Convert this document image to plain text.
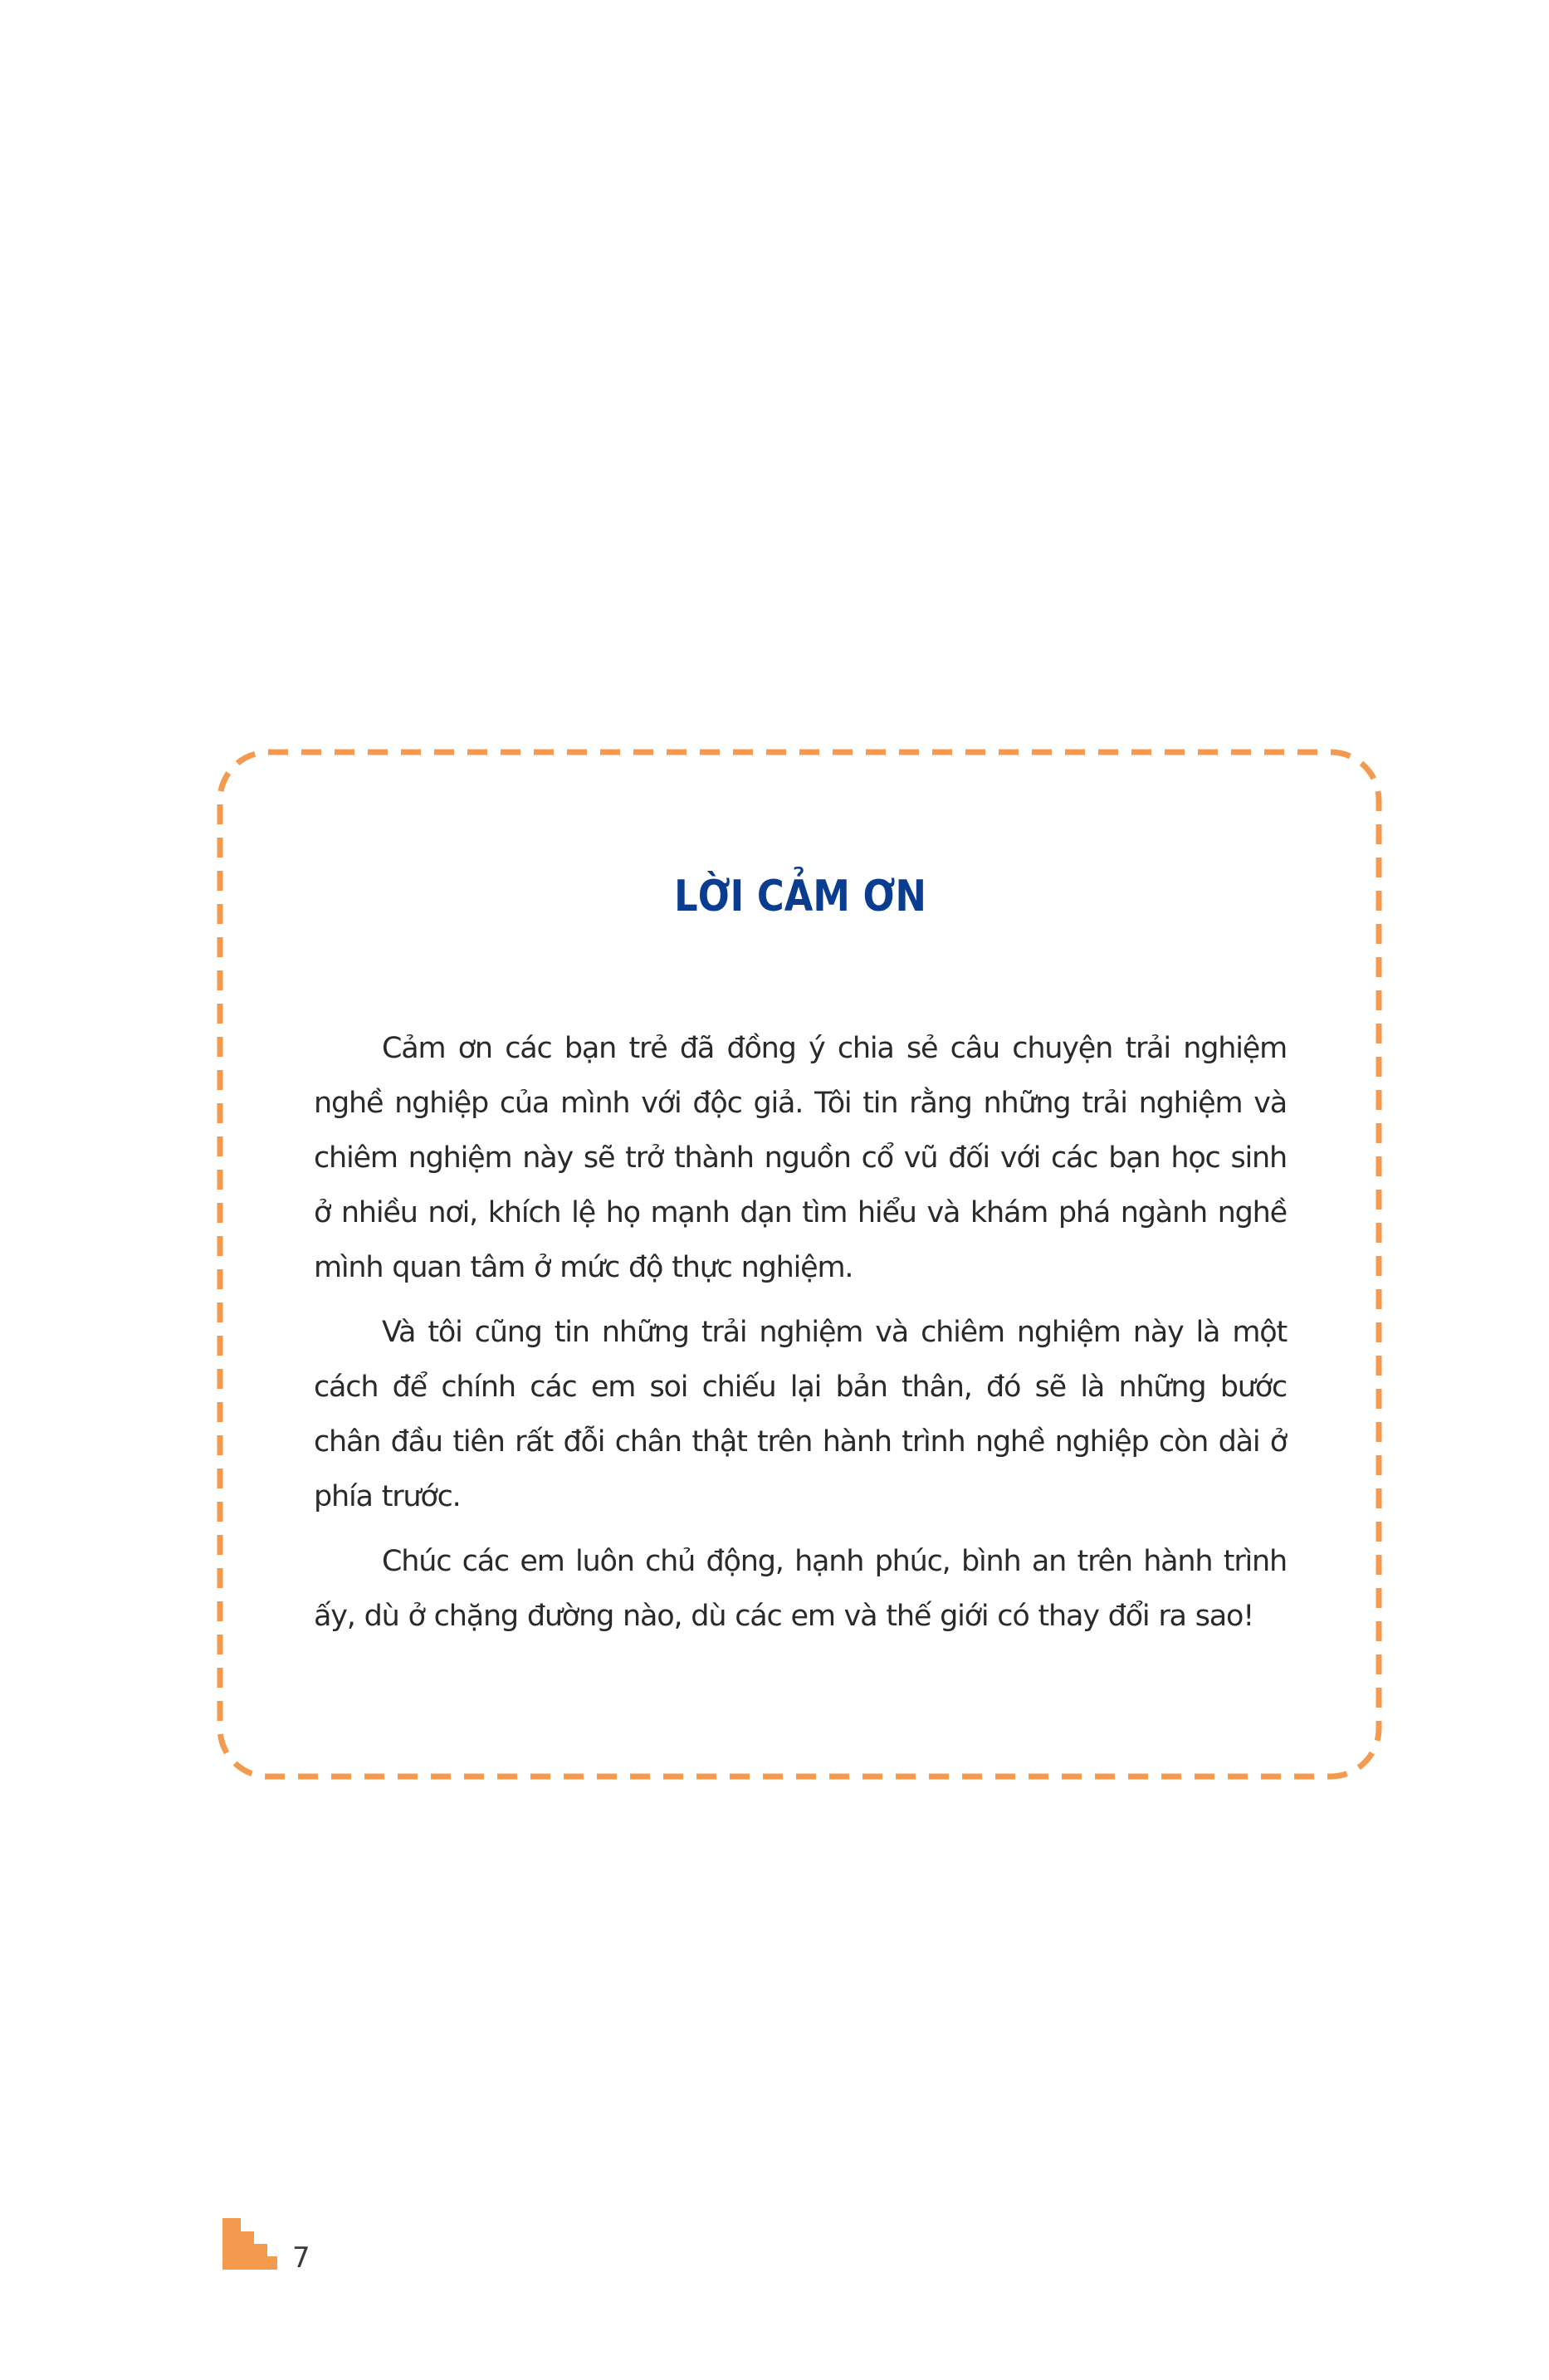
LỜI CẢM ƠN

Cảm ơn các bạn trẻ đã đồng ý chia sẻ câu chuyện trải nghiệm nghề nghiệp của mình với độc giả. Tôi tin rằng những trải nghiệm và chiêm nghiệm này sẽ trở thành nguồn cổ vũ đối với các bạn học sinh ở nhiều nơi, khích lệ họ mạnh dạn tìm hiểu và khám phá ngành nghề mình quan tâm ở mức độ thực nghiệm.

Và tôi cũng tin những trải nghiệm và chiêm nghiệm này là một cách để chính các em soi chiếu lại bản thân, đó sẽ là những bước chân đầu tiên rất đỗi chân thật trên hành trình nghề nghiệp còn dài ở phía trước.

Chúc các em luôn chủ động, hạnh phúc, bình an trên hành trình ấy, dù ở chặng đường nào, dù các em và thế giới có thay đổi ra sao!

7
